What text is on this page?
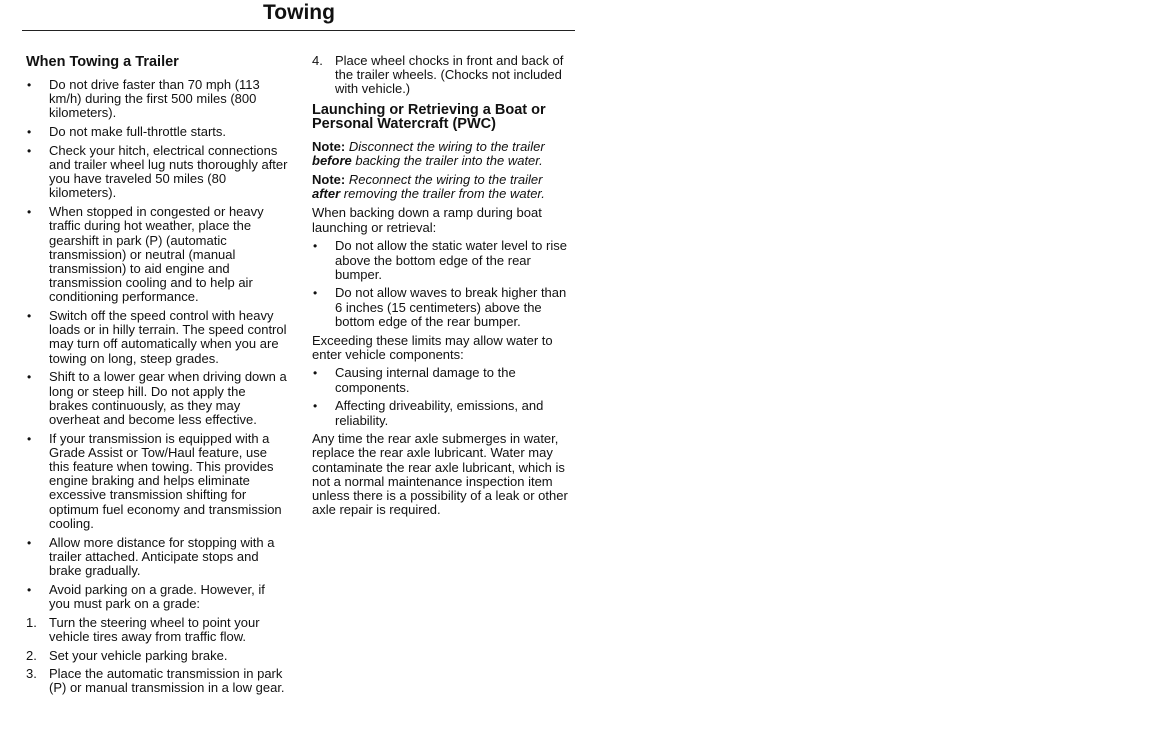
Towing
When Towing a Trailer
• Do not drive faster than 70 mph (113 km/h) during the first 500 miles (800 kilometers).
• Do not make full-throttle starts.
• Check your hitch, electrical connections and trailer wheel lug nuts thoroughly after you have traveled 50 miles (80 kilometers).
• When stopped in congested or heavy traffic during hot weather, place the gearshift in park (P) (automatic transmission) or neutral (manual transmission) to aid engine and transmission cooling and to help air conditioning performance.
• Switch off the speed control with heavy loads or in hilly terrain. The speed control may turn off automatically when you are towing on long, steep grades.
• Shift to a lower gear when driving down a long or steep hill. Do not apply the brakes continuously, as they may overheat and become less effective.
• If your transmission is equipped with a Grade Assist or Tow/Haul feature, use this feature when towing. This provides engine braking and helps eliminate excessive transmission shifting for optimum fuel economy and transmission cooling.
• Allow more distance for stopping with a trailer attached. Anticipate stops and brake gradually.
• Avoid parking on a grade. However, if you must park on a grade:
1. Turn the steering wheel to point your vehicle tires away from traffic flow.
2. Set your vehicle parking brake.
3. Place the automatic transmission in park (P) or manual transmission in a low gear.
4. Place wheel chocks in front and back of the trailer wheels. (Chocks not included with vehicle.)
Launching or Retrieving a Boat or Personal Watercraft (PWC)

Note: Disconnect the wiring to the trailer before backing the trailer into the water.

Note: Reconnect the wiring to the trailer after removing the trailer from the water.

When backing down a ramp during boat launching or retrieval:

• Do not allow the static water level to rise above the bottom edge of the rear bumper.
• Do not allow waves to break higher than 6 inches (15 centimeters) above the bottom edge of the rear bumper.

Exceeding these limits may allow water to enter vehicle components:

• Causing internal damage to the components.
• Affecting driveability, emissions, and reliability.

Any time the rear axle submerges in water, replace the rear axle lubricant. Water may contaminate the rear axle lubricant, which is not a normal maintenance inspection item unless there is a possibility of a leak or other axle repair is required.
